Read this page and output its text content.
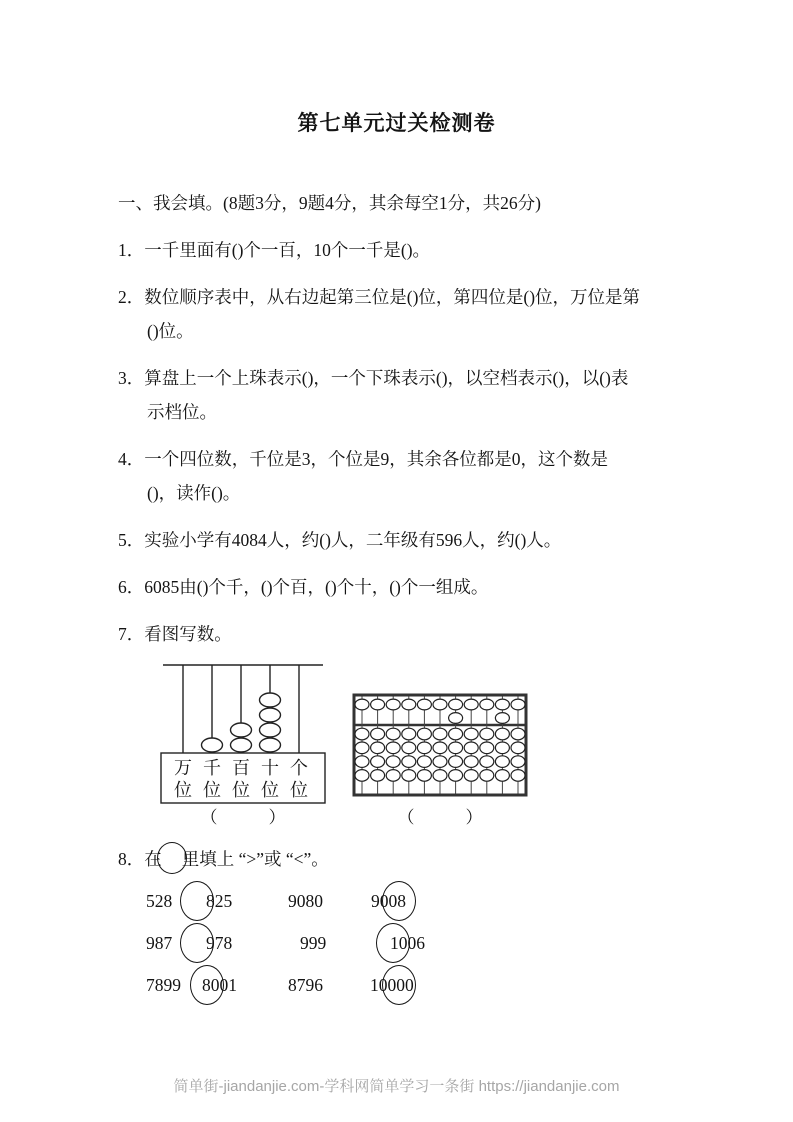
第七单元过关检测卷
一、我会填。(8题3分，9题4分，其余每空1分，共26分)
1．一千里面有()个一百，10个一千是()。
2．数位顺序表中，从右边起第三位是()位，第四位是()位，万位是第
()位。
3．算盘上一个上珠表示()，一个下珠表示()，以空档表示()，以()表
示档位。
4．一个四位数，千位是3，个位是9，其余各位都是0，这个数是
()，读作()。
5．实验小学有4084人，约()人，二年级有596人，约()人。
6．6085由()个千，()个百，()个十，()个一组成。
7．看图写数。
万
位
千
位
百
位
十
位
个
位
（　　　）	（　　　）
8．在 里填上 “>”或 “<”。
528 825	9080	9008
987 978	999	1006
7899 8001	8796	10000
简单街-jiandanjie.com-学科网简单学习一条街 https://jiandanjie.com
